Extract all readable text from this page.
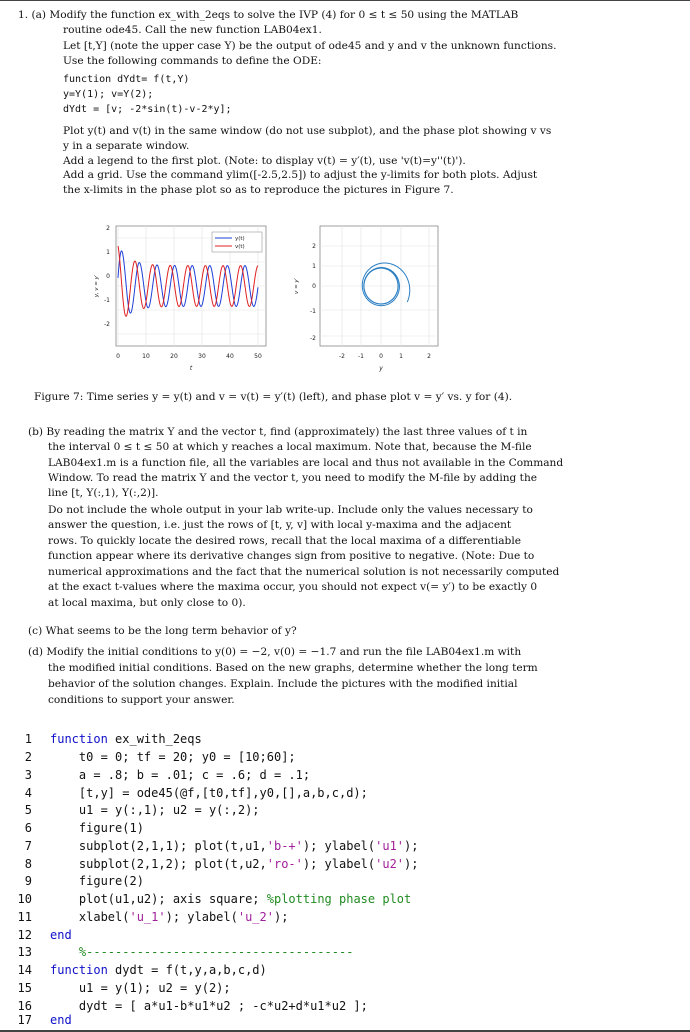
1. (a) Modify the function ex_with_2eqs to solve the IVP (4) for 0 ≤ t ≤ 50 using the MATLAB
routine ode45. Call the new function LAB04ex1.
Let [t,Y] (note the upper case Y) be the output of ode45 and y and v the unknown functions.
Use the following commands to define the ODE:
function dYdt= f(t,Y)
y=Y(1); v=Y(2);
dYdt = [v; -2*sin(t)-v-2*y];
Plot y(t) and v(t) in the same window (do not use subplot), and the phase plot showing v vs
y in a separate window.
Add a legend to the first plot. (Note: to display v(t) = y′(t), use 'v(t)=y''(t)').
Add a grid. Use the command ylim([-2.5,2.5]) to adjust the y-limits for both plots. Adjust
the x-limits in the phase plot so as to reproduce the pictures in Figure 7.
y(t)
v(t)
2
1
0
-1
-2
0	10	20	30	40	50
t
y, v = y′
2
1
0
-1
-2
-2 -1	0	1	2
y
v = y′
Figure 7: Time series y = y(t) and v = v(t) = y′(t) (left), and phase plot v = y′ vs. y for (4).
(b) By reading the matrix Y and the vector t, find (approximately) the last three values of t in
the interval 0 ≤ t ≤ 50 at which y reaches a local maximum. Note that, because the M-file
LAB04ex1.m is a function file, all the variables are local and thus not available in the Command
Window. To read the matrix Y and the vector t, you need to modify the M-file by adding the
line [t, Y(:,1), Y(:,2)].
Do not include the whole output in your lab write-up. Include only the values necessary to
answer the question, i.e. just the rows of [t, y, v] with local y-maxima and the adjacent
rows. To quickly locate the desired rows, recall that the local maxima of a differentiable
function appear where its derivative changes sign from positive to negative. (Note: Due to
numerical approximations and the fact that the numerical solution is not necessarily computed
at the exact t-values where the maxima occur, you should not expect v(= y′) to be exactly 0
at local maxima, but only close to 0).
(c) What seems to be the long term behavior of y?
(d) Modify the initial conditions to y(0) = −2, v(0) = −1.7 and run the file LAB04ex1.m with
the modified initial conditions. Based on the new graphs, determine whether the long term
behavior of the solution changes. Explain. Include the pictures with the modified initial
conditions to support your answer.
1
2
3
4
5
6
7
8
9
10
11
12
13
14
15
16
17
function ex_with_2eqs
t0 = 0; tf = 20; y0 = [10;60];
a = .8; b = .01; c = .6; d = .1;
[t,y] = ode45(@f,[t0,tf],y0,[],a,b,c,d);
u1 = y(:,1); u2 = y(:,2);
figure(1)
subplot(2,1,1); plot(t,u1,'b-+'); ylabel('u1');
subplot(2,1,2); plot(t,u2,'ro-'); ylabel('u2');
figure(2)
plot(u1,u2); axis square; %plotting phase plot
xlabel('u_1'); ylabel('u_2');
end
%-------------------------------------
function dydt = f(t,y,a,b,c,d)
u1 = y(1); u2 = y(2);
dydt = [ a*u1-b*u1*u2 ; -c*u2+d*u1*u2 ];
end
